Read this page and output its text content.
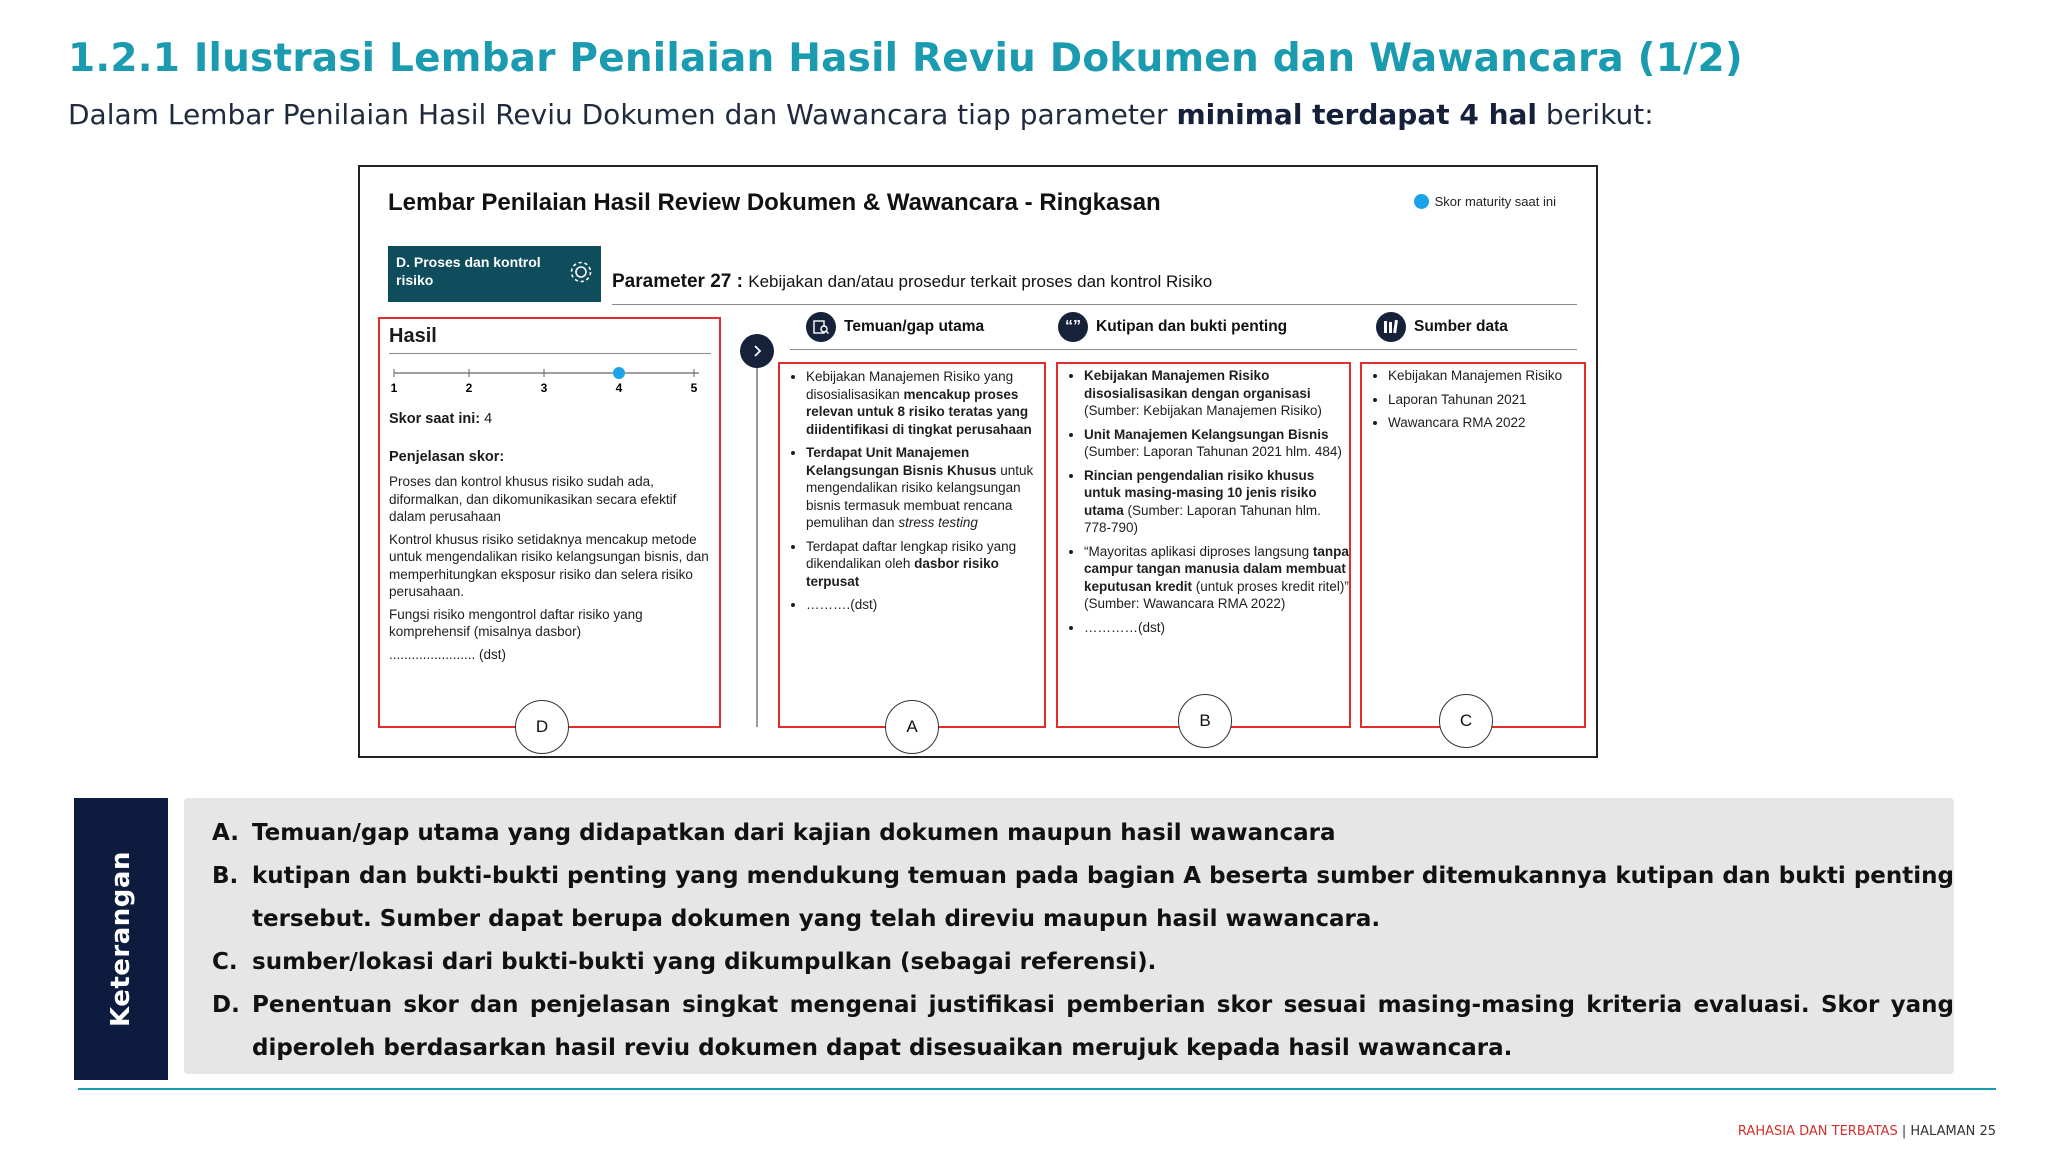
1.2.1 Ilustrasi Lembar Penilaian Hasil Reviu Dokumen dan Wawancara (1/2)
Dalam Lembar Penilaian Hasil Reviu Dokumen dan Wawancara tiap parameter minimal terdapat 4 hal berikut:
Lembar Penilaian Hasil Review Dokumen & Wawancara - Ringkasan	Skor maturity saat ini
D. Proses dan kontrol risiko	Parameter 27 : Kebijakan dan/atau prosedur terkait proses dan kontrol Risiko
Hasil
1	2	3	4	5
Skor saat ini: 4
Penjelasan skor:
Proses dan kontrol khusus risiko sudah ada, diformalkan, dan dikomunikasikan secara efektif dalam perusahaan
Kontrol khusus risiko setidaknya mencakup metode untuk mengendalikan risiko kelangsungan bisnis, dan memperhitungkan eksposur risiko dan selera risiko perusahaan.
Fungsi risiko mengontrol daftar risiko yang komprehensif (misalnya dasbor)
....................... (dst)
D
Temuan/gap utama	“” Kutipan dan bukti penting	Sumber data
• Kebijakan Manajemen Risiko yang disosialisasikan mencakup proses relevan untuk 8 risiko teratas yang diidentifikasi di tingkat perusahaan
• Terdapat Unit Manajemen Kelangsungan Bisnis Khusus untuk mengendalikan risiko kelangsungan bisnis termasuk membuat rencana pemulihan dan stress testing
• Terdapat daftar lengkap risiko yang dikendalikan oleh dasbor risiko terpusat
• ……….(dst)
A
• Kebijakan Manajemen Risiko disosialisasikan dengan organisasi (Sumber: Kebijakan Manajemen Risiko)
• Unit Manajemen Kelangsungan Bisnis (Sumber: Laporan Tahunan 2021 hlm. 484)
• Rincian pengendalian risiko khusus untuk masing-masing 10 jenis risiko utama (Sumber: Laporan Tahunan hlm. 778-790)
• “Mayoritas aplikasi diproses langsung tanpa campur tangan manusia dalam membuat keputusan kredit (untuk proses kredit ritel)” (Sumber: Wawancara RMA 2022)
• …………(dst)
B
• Kebijakan Manajemen Risiko
• Laporan Tahunan 2021
• Wawancara RMA 2022
C
Keterangan
A. Temuan/gap utama yang didapatkan dari kajian dokumen maupun hasil wawancara
B. kutipan dan bukti-bukti penting yang mendukung temuan pada bagian A beserta sumber ditemukannya kutipan dan bukti penting tersebut. Sumber dapat berupa dokumen yang telah direviu maupun hasil wawancara.
C. sumber/lokasi dari bukti-bukti yang dikumpulkan (sebagai referensi).
D. Penentuan skor dan penjelasan singkat mengenai justifikasi pemberian skor sesuai masing-masing kriteria evaluasi. Skor yang diperoleh berdasarkan hasil reviu dokumen dapat disesuaikan merujuk kepada hasil wawancara.
RAHASIA DAN TERBATAS | HALAMAN 25
